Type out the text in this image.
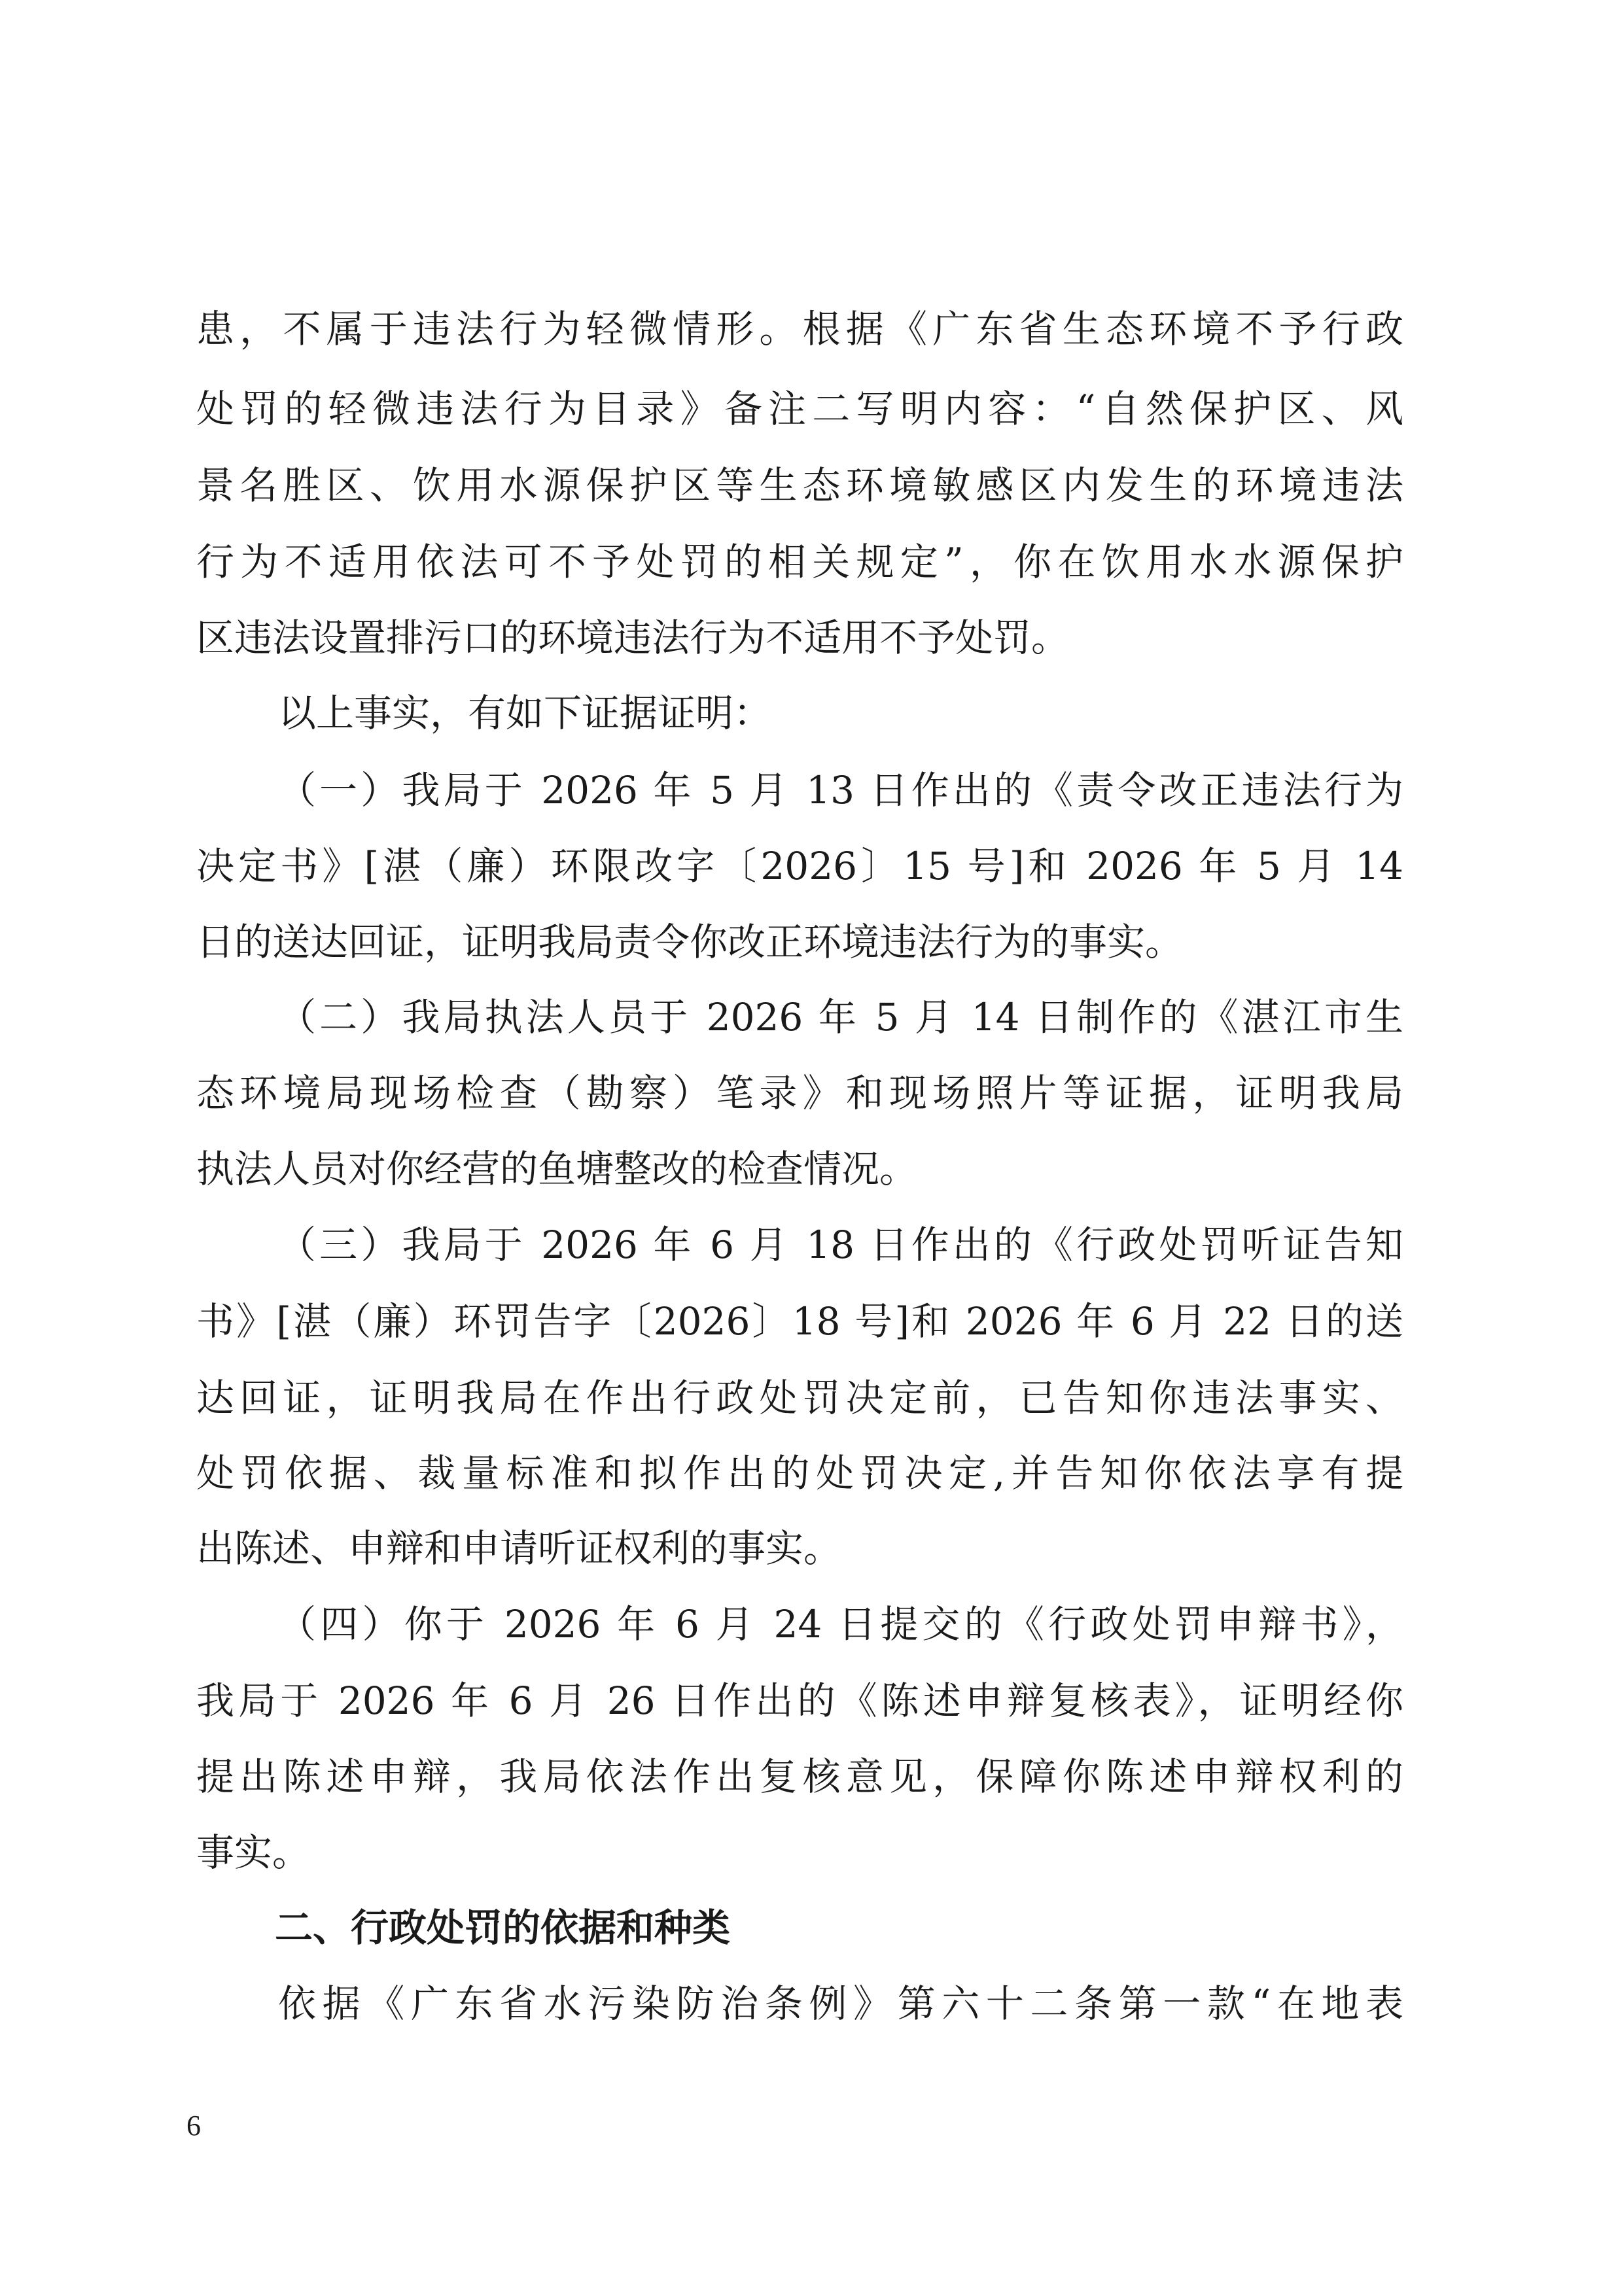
患，不属于违法行为轻微情形。根据《广东省生态环境不予行政
处罚的轻微违法行为目录》备注二写明内容：“自然保护区、风
景名胜区、饮用水源保护区等生态环境敏感区内发生的环境违法
行为不适用依法可不予处罚的相关规定”，你在饮用水水源保护
区违法设置排污口的环境违法行为不适用不予处罚。
以上事实，有如下证据证明：
（一）我局于 2026 年 5 月 13 日作出的《责令改正违法行为
决定书》[湛（廉）环限改字〔2026〕15 号]和 2026 年 5 月 14
日的送达回证，证明我局责令你改正环境违法行为的事实。
（二）我局执法人员于 2026 年 5 月 14 日制作的《湛江市生
态环境局现场检查（勘察）笔录》和现场照片等证据，证明我局
执法人员对你经营的鱼塘整改的检查情况。
（三）我局于 2026 年 6 月 18 日作出的《行政处罚听证告知
书》[湛（廉）环罚告字〔2026〕18 号]和 2026 年 6 月 22 日的送
达回证，证明我局在作出行政处罚决定前，已告知你违法事实、
处罚依据、裁量标准和拟作出的处罚决定,并告知你依法享有提
出陈述、申辩和申请听证权利的事实。
（四）你于 2026 年 6 月 24 日提交的《行政处罚申辩书》，
我局于 2026 年 6 月 26 日作出的《陈述申辩复核表》，证明经你
提出陈述申辩，我局依法作出复核意见，保障你陈述申辩权利的
事实。
二、行政处罚的依据和种类
依据《广东省水污染防治条例》第六十二条第一款“在地表
6
